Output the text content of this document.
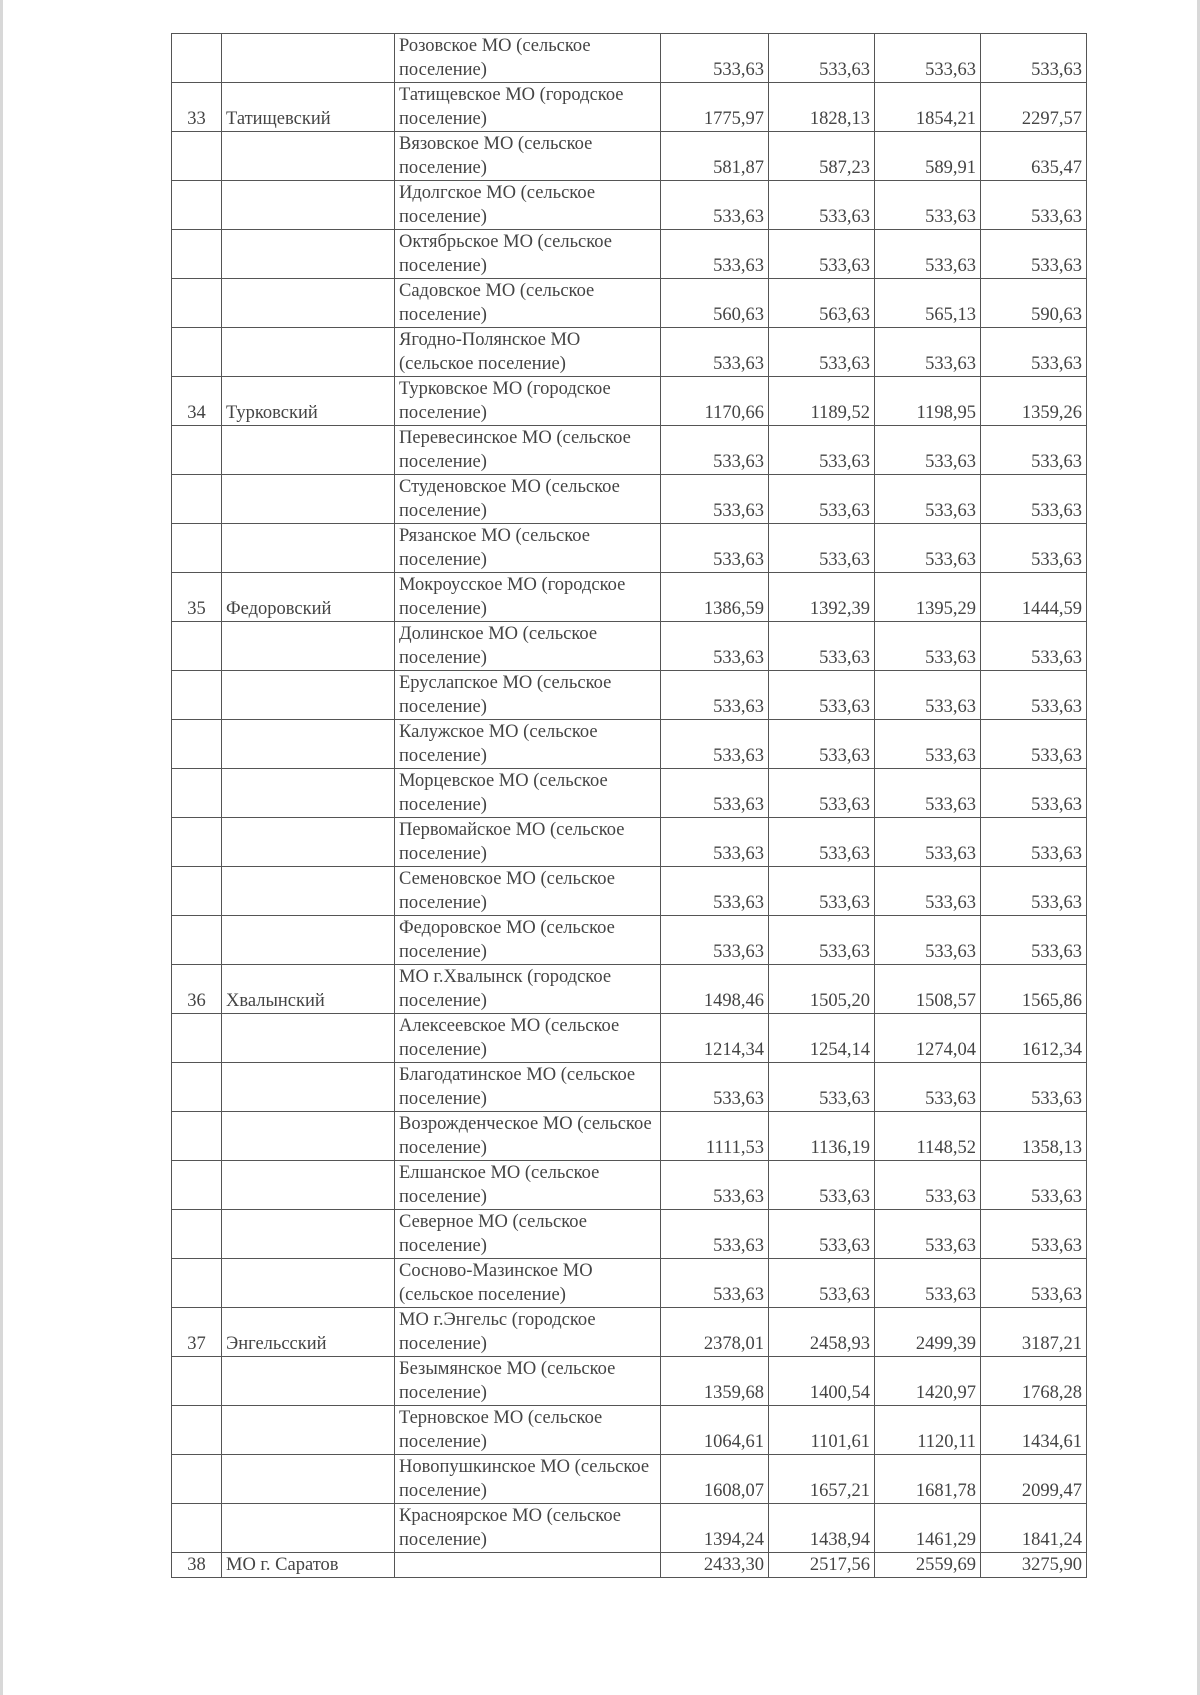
		Розовское МО (сельское поселение)	533,63	533,63	533,63	533,63
33	Татищевский	Татищевское МО (городское поселение)	1775,97	1828,13	1854,21	2297,57
		Вязовское МО (сельское поселение)	581,87	587,23	589,91	635,47
		Идолгское МО (сельское поселение)	533,63	533,63	533,63	533,63
		Октябрьское МО (сельское поселение)	533,63	533,63	533,63	533,63
		Садовское МО (сельское поселение)	560,63	563,63	565,13	590,63
		Ягодно-Полянское МО (сельское поселение)	533,63	533,63	533,63	533,63
34	Турковский	Турковское МО (городское поселение)	1170,66	1189,52	1198,95	1359,26
		Перевесинское МО (сельское поселение)	533,63	533,63	533,63	533,63
		Студеновское МО (сельское поселение)	533,63	533,63	533,63	533,63
		Рязанское МО (сельское поселение)	533,63	533,63	533,63	533,63
35	Федоровский	Мокроусское МО (городское поселение)	1386,59	1392,39	1395,29	1444,59
		Долинское МО (сельское поселение)	533,63	533,63	533,63	533,63
		Еруслапское МО (сельское поселение)	533,63	533,63	533,63	533,63
		Калужское МО (сельское поселение)	533,63	533,63	533,63	533,63
		Морцевское МО (сельское поселение)	533,63	533,63	533,63	533,63
		Первомайское МО (сельское поселение)	533,63	533,63	533,63	533,63
		Семеновское МО (сельское поселение)	533,63	533,63	533,63	533,63
		Федоровское МО (сельское поселение)	533,63	533,63	533,63	533,63
36	Хвалынский	МО г.Хвалынск (городское поселение)	1498,46	1505,20	1508,57	1565,86
		Алексеевское МО (сельское поселение)	1214,34	1254,14	1274,04	1612,34
		Благодатинское МО (сельское поселение)	533,63	533,63	533,63	533,63
		Возрожденческое МО (сельское поселение)	1111,53	1136,19	1148,52	1358,13
		Елшанское МО (сельское поселение)	533,63	533,63	533,63	533,63
		Северное МО (сельское поселение)	533,63	533,63	533,63	533,63
		Сосново-Мазинское МО (сельское поселение)	533,63	533,63	533,63	533,63
37	Энгельсский	МО г.Энгельс (городское поселение)	2378,01	2458,93	2499,39	3187,21
		Безымянское МО (сельское поселение)	1359,68	1400,54	1420,97	1768,28
		Терновское МО (сельское поселение)	1064,61	1101,61	1120,11	1434,61
		Новопушкинское МО (сельское поселение)	1608,07	1657,21	1681,78	2099,47
		Красноярское МО (сельское поселение)	1394,24	1438,94	1461,29	1841,24
38	МО г. Саратов		2433,30	2517,56	2559,69	3275,90
